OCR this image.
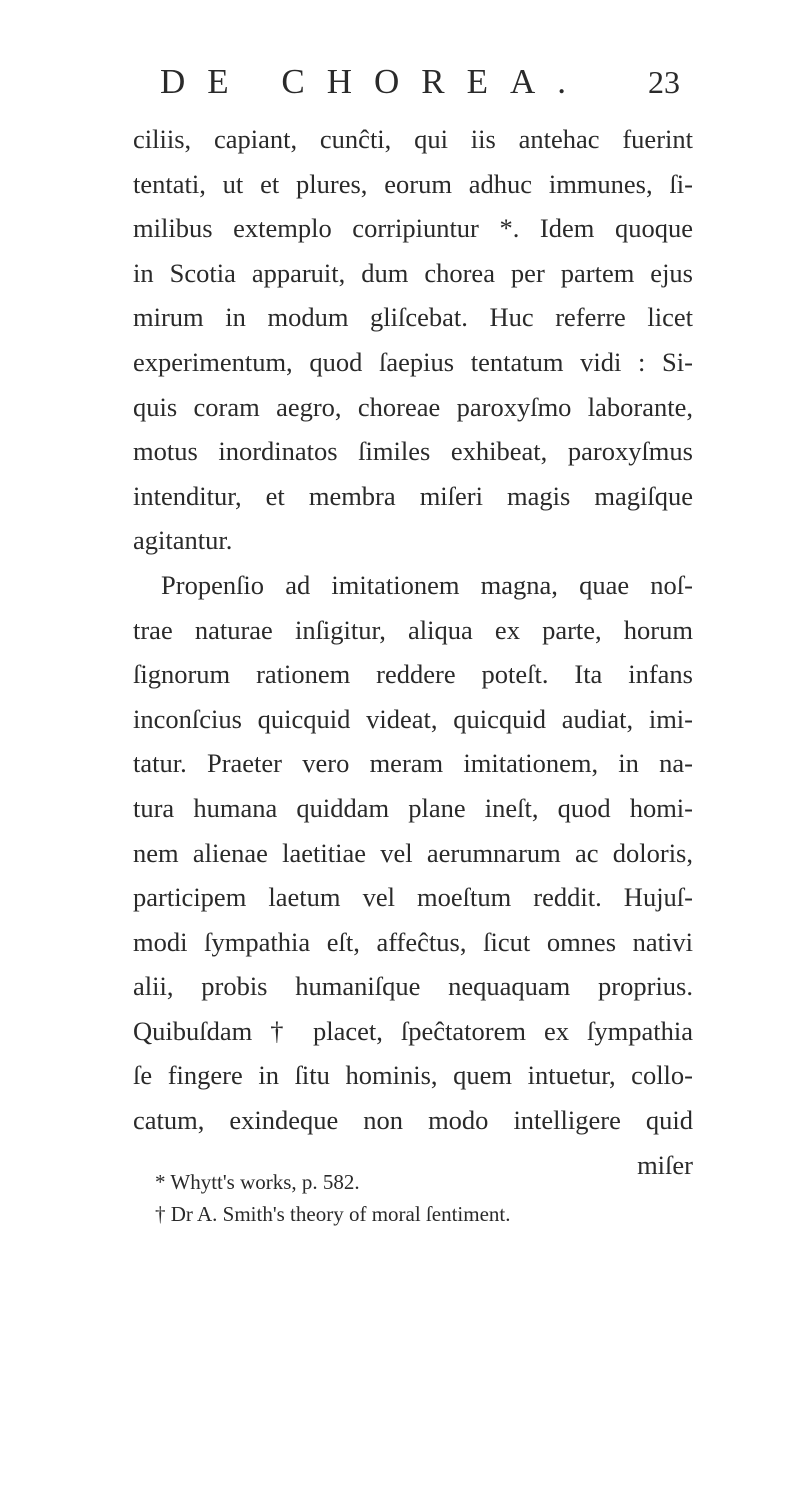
DE CHOREA. 23
ciliis, capiant, cunĉti, qui iis antehac fuerint
tentati, ut et plures, eorum adhuc immunes, ſi-
milibus extemplo corripiuntur *. Idem quoque
in Scotia apparuit, dum chorea per partem ejus
mirum in modum gliſcebat. Huc referre licet
experimentum, quod ſaepius tentatum vidi : Si-
quis coram aegro, choreae paroxyſmo laborante,
motus inordinatos ſimiles exhibeat, paroxyſmus
intenditur, et membra miſeri magis magiſque
agitantur.
Propenſio ad imitationem magna, quae noſ-
trae naturae inſigitur, aliqua ex parte, horum
ſignorum rationem reddere poteſt. Ita infans
inconſcius quicquid videat, quicquid audiat, imi-
tatur. Praeter vero meram imitationem, in na-
tura humana quiddam plane ineſt, quod homi-
nem alienae laetitiae vel aerumnarum ac doloris,
participem laetum vel moeſtum reddit. Hujuſ-
modi ſympathia eſt, affeĉtus, ſicut omnes nativi
alii, probis humaniſque nequaquam proprius.
Quibuſdam † placet, ſpeĉtatorem ex ſympathia
ſe fingere in ſitu hominis, quem intuetur, collo-
catum, exindeque non modo intelligere quid
miſer
* Whytt's works, p. 582.
† Dr A. Smith's theory of moral ſentiment.
